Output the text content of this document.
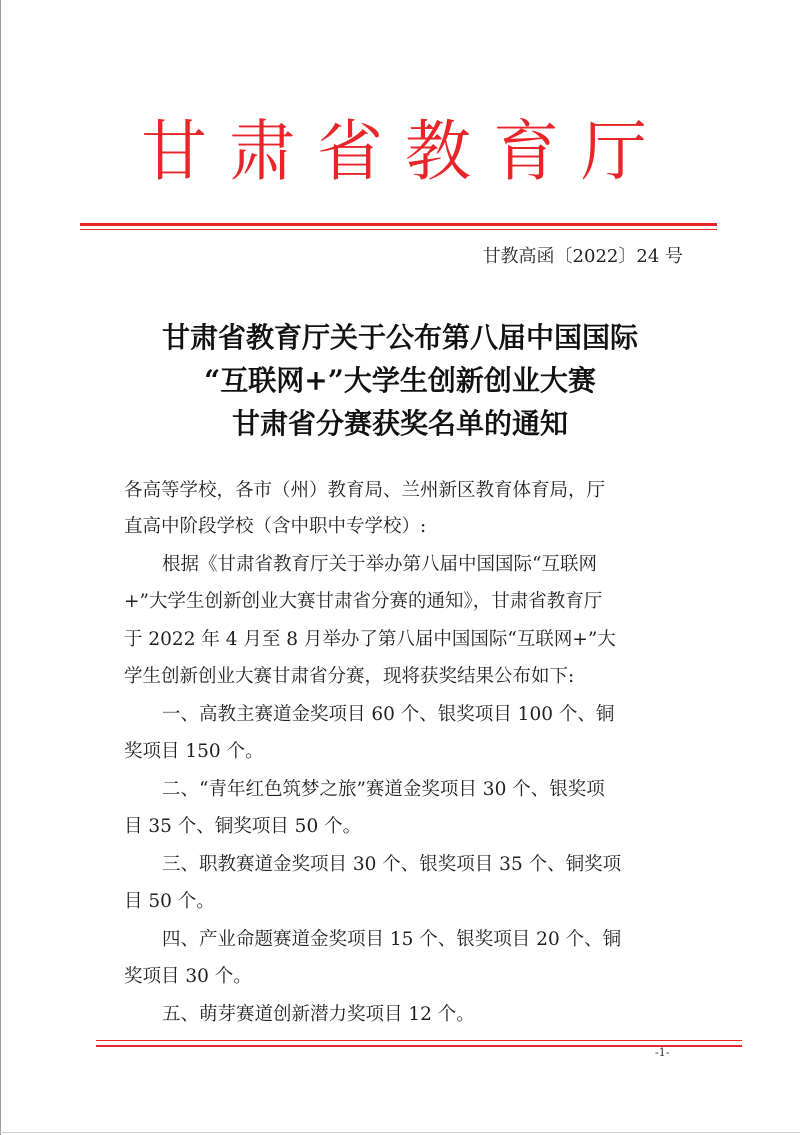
甘肃省教育厅
甘教高函〔2022〕24 号
甘肃省教育厅关于公布第八届中国国际
“互联网+”大学生创新创业大赛
甘肃省分赛获奖名单的通知
各高等学校，各市（州）教育局、兰州新区教育体育局，厅
直高中阶段学校（含中职中专学校）:
根据《甘肃省教育厅关于举办第八届中国国际“互联网
+”大学生创新创业大赛甘肃省分赛的通知》，甘肃省教育厅
于 2022 年 4 月至 8 月举办了第八届中国国际“互联网+”大
学生创新创业大赛甘肃省分赛，现将获奖结果公布如下:
一、高教主赛道金奖项目 60 个、银奖项目 100 个、铜
奖项目 150 个。
二、“青年红色筑梦之旅”赛道金奖项目 30 个、银奖项
目 35 个、铜奖项目 50 个。
三、职教赛道金奖项目 30 个、银奖项目 35 个、铜奖项
目 50 个。
四、产业命题赛道金奖项目 15 个、银奖项目 20 个、铜
奖项目 30 个。
五、萌芽赛道创新潜力奖项目 12 个。
-1-
